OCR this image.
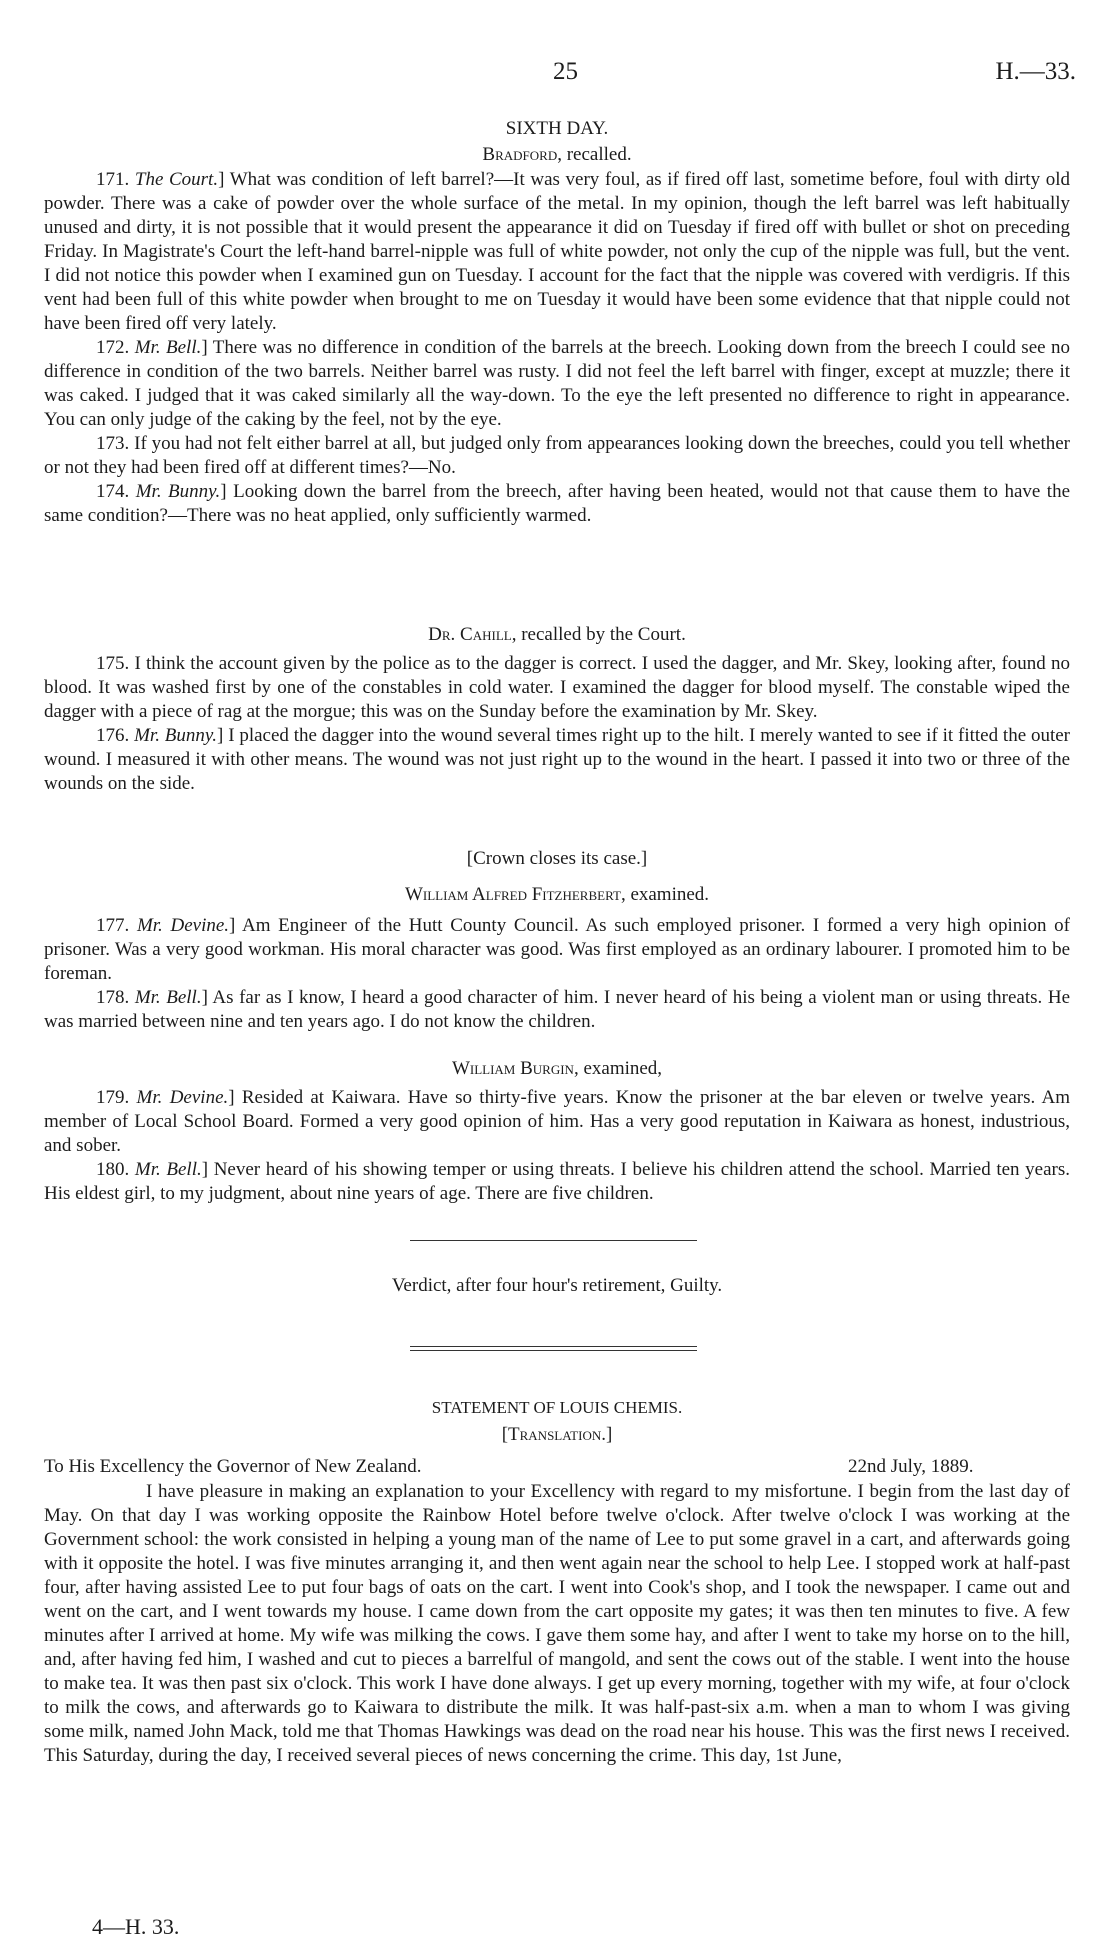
25	H.—33.
SIXTH DAY.
Bradford, recalled.

171. The Court.] What was condition of left barrel?—It was very foul, as if fired off last, sometime before, foul with dirty old powder. There was a cake of powder over the whole surface of the metal. In my opinion, though the left barrel was left habitually unused and dirty, it is not possible that it would present the appearance it did on Tuesday if fired off with bullet or shot on preceding Friday. In Magistrate's Court the left-hand barrel-nipple was full of white powder, not only the cup of the nipple was full, but the vent. I did not notice this powder when I examined gun on Tuesday. I account for the fact that the nipple was covered with verdigris. If this vent had been full of this white powder when brought to me on Tuesday it would have been some evidence that that nipple could not have been fired off very lately.

172. Mr. Bell.] There was no difference in condition of the barrels at the breech. Looking down from the breech I could see no difference in condition of the two barrels. Neither barrel was rusty. I did not feel the left barrel with finger, except at muzzle; there it was caked. I judged that it was caked similarly all the way-down. To the eye the left presented no difference to right in appearance. You can only judge of the caking by the feel, not by the eye.

173. If you had not felt either barrel at all, but judged only from appearances looking down the breeches, could you tell whether or not they had been fired off at different times?—No.

174. Mr. Bunny.] Looking down the barrel from the breech, after having been heated, would not that cause them to have the same condition?—There was no heat applied, only sufficiently warmed.

Dr. Cahill, recalled by the Court.

175. I think the account given by the police as to the dagger is correct. I used the dagger, and Mr. Skey, looking after, found no blood. It was washed first by one of the constables in cold water. I examined the dagger for blood myself. The constable wiped the dagger with a piece of rag at the morgue; this was on the Sunday before the examination by Mr. Skey.

176. Mr. Bunny.] I placed the dagger into the wound several times right up to the hilt. I merely wanted to see if it fitted the outer wound. I measured it with other means. The wound was not just right up to the wound in the heart. I passed it into two or three of the wounds on the side.

[Crown closes its case.]
William Alfred Fitzherbert, examined.

177. Mr. Devine.] Am Engineer of the Hutt County Council. As such employed prisoner. I formed a very high opinion of prisoner. Was a very good workman. His moral character was good. Was first employed as an ordinary labourer. I promoted him to be foreman.

178. Mr. Bell.] As far as I know, I heard a good character of him. I never heard of his being a violent man or using threats. He was married between nine and ten years ago. I do not know the children.

William Burgin, examined,

179. Mr. Devine.] Resided at Kaiwara. Have so thirty-five years. Know the prisoner at the bar eleven or twelve years. Am member of Local School Board. Formed a very good opinion of him. Has a very good reputation in Kaiwara as honest, industrious, and sober.

180. Mr. Bell.] Never heard of his showing temper or using threats. I believe his children attend the school. Married ten years. His eldest girl, to my judgment, about nine years of age. There are five children.

Verdict, after four hour's retirement, Guilty.
STATEMENT OF LOUIS CHEMIS.
[Translation.]
To His Excellency the Governor of New Zealand.	22nd July, 1889.

I have pleasure in making an explanation to your Excellency with regard to my misfortune. I begin from the last day of May. On that day I was working opposite the Rainbow Hotel before twelve o'clock. After twelve o'clock I was working at the Government school: the work consisted in helping a young man of the name of Lee to put some gravel in a cart, and afterwards going with it opposite the hotel. I was five minutes arranging it, and then went again near the school to help Lee. I stopped work at half-past four, after having assisted Lee to put four bags of oats on the cart. I went into Cook's shop, and I took the newspaper. I came out and went on the cart, and I went towards my house. I came down from the cart opposite my gates; it was then ten minutes to five. A few minutes after I arrived at home. My wife was milking the cows. I gave them some hay, and after I went to take my horse on to the hill, and, after having fed him, I washed and cut to pieces a barrelful of mangold, and sent the cows out of the stable. I went into the house to make tea. It was then past six o'clock. This work I have done always. I get up every morning, together with my wife, at four o'clock to milk the cows, and afterwards go to Kaiwara to distribute the milk. It was half-past-six a.m. when a man to whom I was giving some milk, named John Mack, told me that Thomas Hawkings was dead on the road near his house. This was the first news I received. This Saturday, during the day, I received several pieces of news concerning the crime. This day, 1st June,

4—H. 33.
